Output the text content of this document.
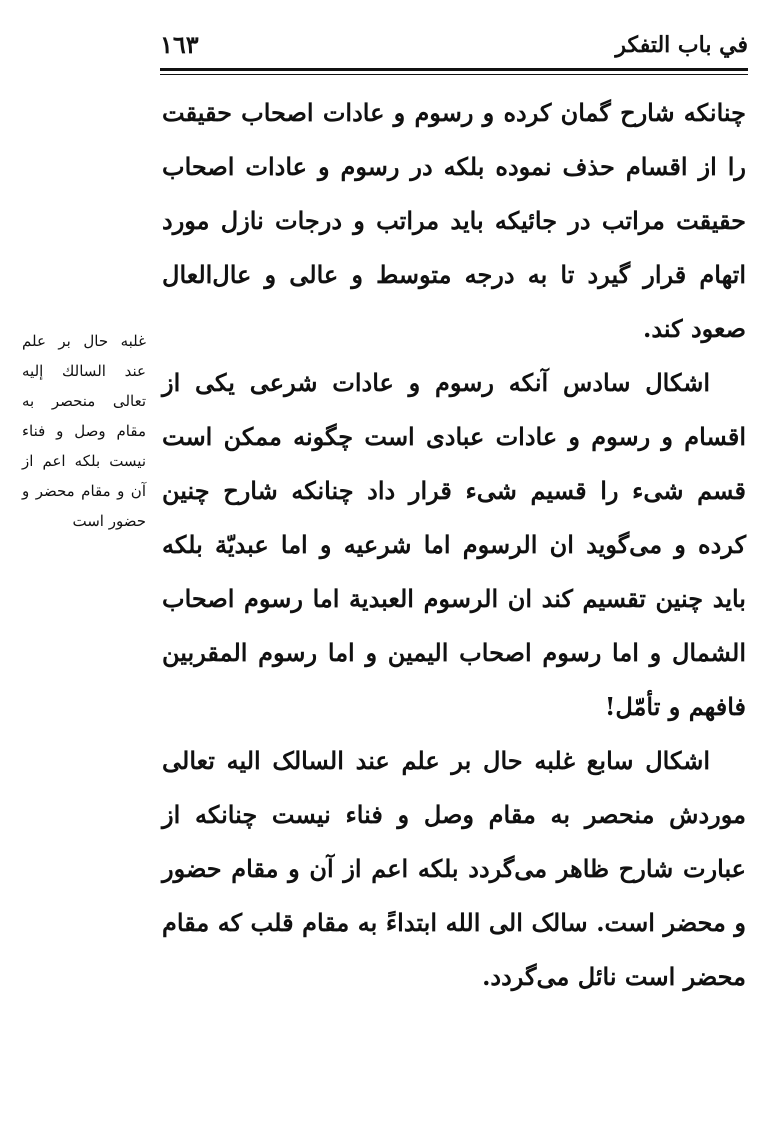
في باب التفكر
١٦٣

چنانكه شارح گمان كرده و رسوم و عادات اصحاب حقيقت را از اقسام حذف نموده بلكه در رسوم و عادات اصحاب حقيقت مراتب در جائيكه بايد مراتب و درجات نازل مورد اتهام قرار گيرد تا به درجه متوسط و عالى و عال‌العال صعود كند.

اشكال سادس آنكه رسوم و عادات شرعى يكى از اقسام و رسوم و عادات عبادى است چگونه ممكن است قسم شىء را قسيم شىء قرار داد چنانكه شارح چنين كرده و مى‌گويد ان الرسوم اما شرعيه و اما عبديّة بلكه بايد چنين تقسيم كند ان الرسوم العبدية اما رسوم اصحاب الشمال و اما رسوم اصحاب اليمين و اما رسوم المقربين فافهم و تأمّل!

اشكال سابع غلبه حال بر علم عند السالک اليه تعالى موردش منحصر به مقام وصل و فناء نيست چنانكه از عبارت شارح ظاهر مى‌گردد بلكه اعم از آن و مقام حضور و محضر است. سالک الى الله ابتداءً به مقام قلب كه مقام محضر است نائل مى‌گردد.

غلبه حال بر علم عند السالك إليه تعالى منحصر به مقام وصل و فناء نيست بلكه اعم از آن و مقام محضر و حضور است
